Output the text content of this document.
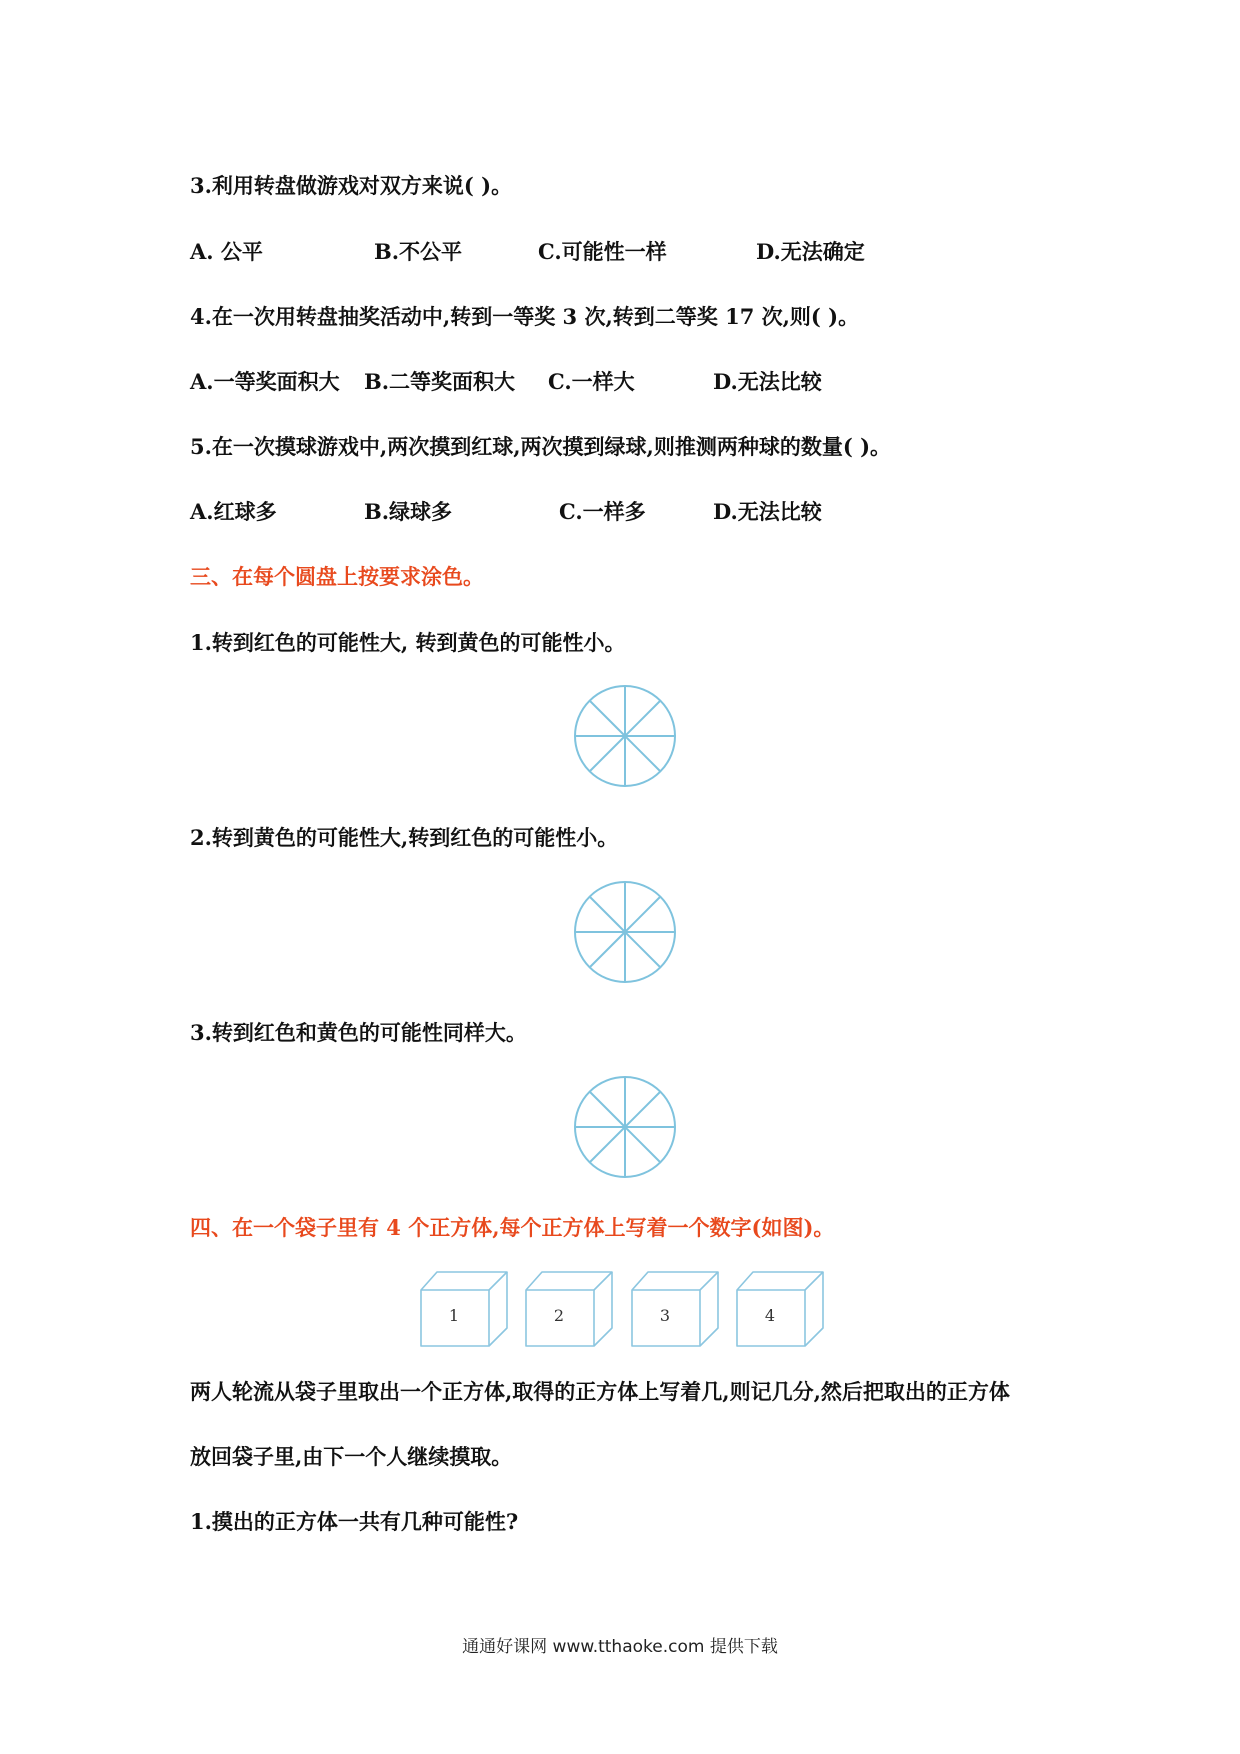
3.利用转盘做游戏对双方来说( )。
A. 公平	B.不公平	C.可能性一样	D.无法确定
4.在一次用转盘抽奖活动中,转到一等奖 3 次,转到二等奖 17 次,则( )。
A.一等奖面积大 B.二等奖面积大 C.一样大	D.无法比较
5.在一次摸球游戏中,两次摸到红球,两次摸到绿球,则推测两种球的数量( )。
A.红球多	B.绿球多	C.一样多	D.无法比较
三、在每个圆盘上按要求涂色。
1.转到红色的可能性大, 转到黄色的可能性小。
2.转到黄色的可能性大,转到红色的可能性小。
3.转到红色和黄色的可能性同样大。
四、在一个袋子里有 4 个正方体,每个正方体上写着一个数字(如图)。
1	2	3	4
两人轮流从袋子里取出一个正方体,取得的正方体上写着几,则记几分,然后把取出的正方体
放回袋子里,由下一个人继续摸取。
1.摸出的正方体一共有几种可能性?
通通好课网 www.tthaoke.com 提供下载
